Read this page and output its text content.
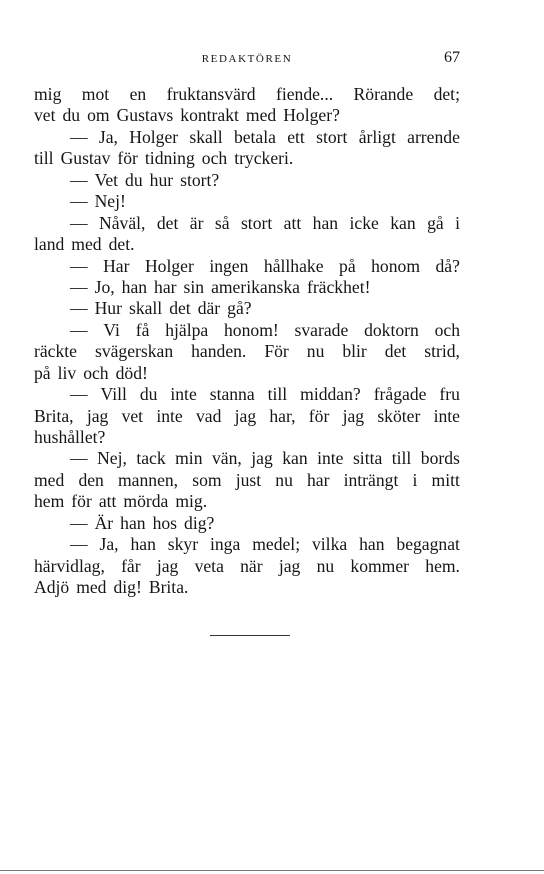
REDAKTÖREN	67
mig mot en fruktansvärd fiende... Rörande det;
vet du om Gustavs kontrakt med Holger?
— Ja, Holger skall betala ett stort årligt arrende
till Gustav för tidning och tryckeri.
— Vet du hur stort?
— Nej!
— Nåväl, det är så stort att han icke kan gå i
land med det.
— Har Holger ingen hållhake på honom då?
— Jo, han har sin amerikanska fräckhet!
— Hur skall det där gå?
— Vi få hjälpa honom! svarade doktorn och
räckte svägerskan handen. För nu blir det strid,
på liv och död!
— Vill du inte stanna till middan? frågade fru
Brita, jag vet inte vad jag har, för jag sköter inte
hushållet?
— Nej, tack min vän, jag kan inte sitta till bords
med den mannen, som just nu har inträngt i mitt
hem för att mörda mig.
— Är han hos dig?
— Ja, han skyr inga medel; vilka han begagnat
härvidlag, får jag veta när jag nu kommer hem.
Adjö med dig! Brita.
